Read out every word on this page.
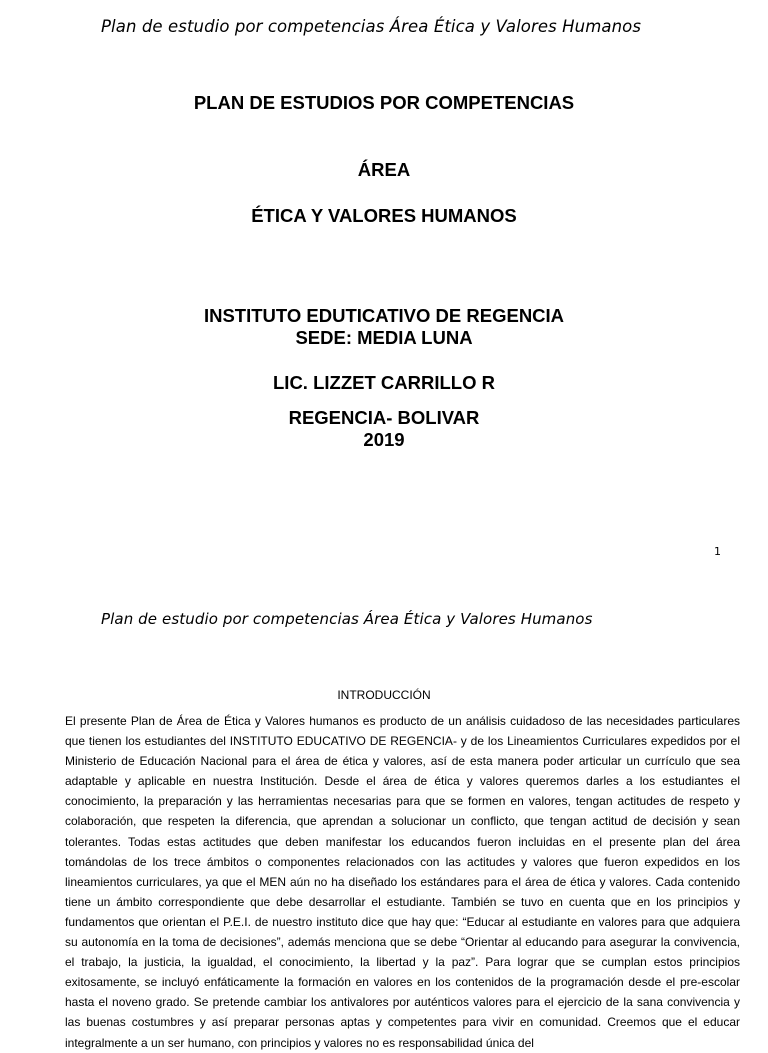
Plan de estudio por competencias Área Ética y Valores Humanos
PLAN DE ESTUDIOS POR COMPETENCIAS
ÁREA
ÉTICA Y VALORES HUMANOS
INSTITUTO EDUTICATIVO DE REGENCIA
SEDE: MEDIA LUNA
LIC. LIZZET CARRILLO R
REGENCIA- BOLIVAR
2019
1
Plan de estudio por competencias Área Ética y Valores Humanos
INTRODUCCIÓN
El presente Plan de Área de Ética y Valores humanos es producto de un análisis cuidadoso de las necesidades particulares que tienen los estudiantes del INSTITUTO EDUCATIVO DE REGENCIA- y de los Lineamientos Curriculares expedidos por el Ministerio de Educación Nacional para el área de ética y valores, así de esta manera poder articular un currículo que sea adaptable y aplicable en nuestra Institución. Desde el área de ética y valores queremos darles a los estudiantes el conocimiento, la preparación y las herramientas necesarias para que se formen en valores, tengan actitudes de respeto y colaboración, que respeten la diferencia, que aprendan a solucionar un conflicto, que tengan actitud de decisión y sean tolerantes. Todas estas actitudes que deben manifestar los educandos fueron incluidas en el presente plan del área tomándolas de los trece ámbitos o componentes relacionados con las actitudes y valores que fueron expedidos en los lineamientos curriculares, ya que el MEN aún no ha diseñado los estándares para el área de ética y valores. Cada contenido tiene un ámbito correspondiente que debe desarrollar el estudiante. También se tuvo en cuenta que en los principios y fundamentos que orientan el P.E.I. de nuestro instituto dice que hay que: “Educar al estudiante en valores para que adquiera su autonomía en la toma de decisiones”, además menciona que se debe “Orientar al educando para asegurar la convivencia, el trabajo, la justicia, la igualdad, el conocimiento, la libertad y la paz”. Para lograr que se cumplan estos principios exitosamente, se incluyó enfáticamente la formación en valores en los contenidos de la programación desde el pre-escolar hasta el noveno grado. Se pretende cambiar los antivalores por auténticos valores para el ejercicio de la sana convivencia y las buenas costumbres y así preparar personas aptas y competentes para vivir en comunidad. Creemos que el educar integralmente a un ser humano, con principios y valores no es responsabilidad única del
